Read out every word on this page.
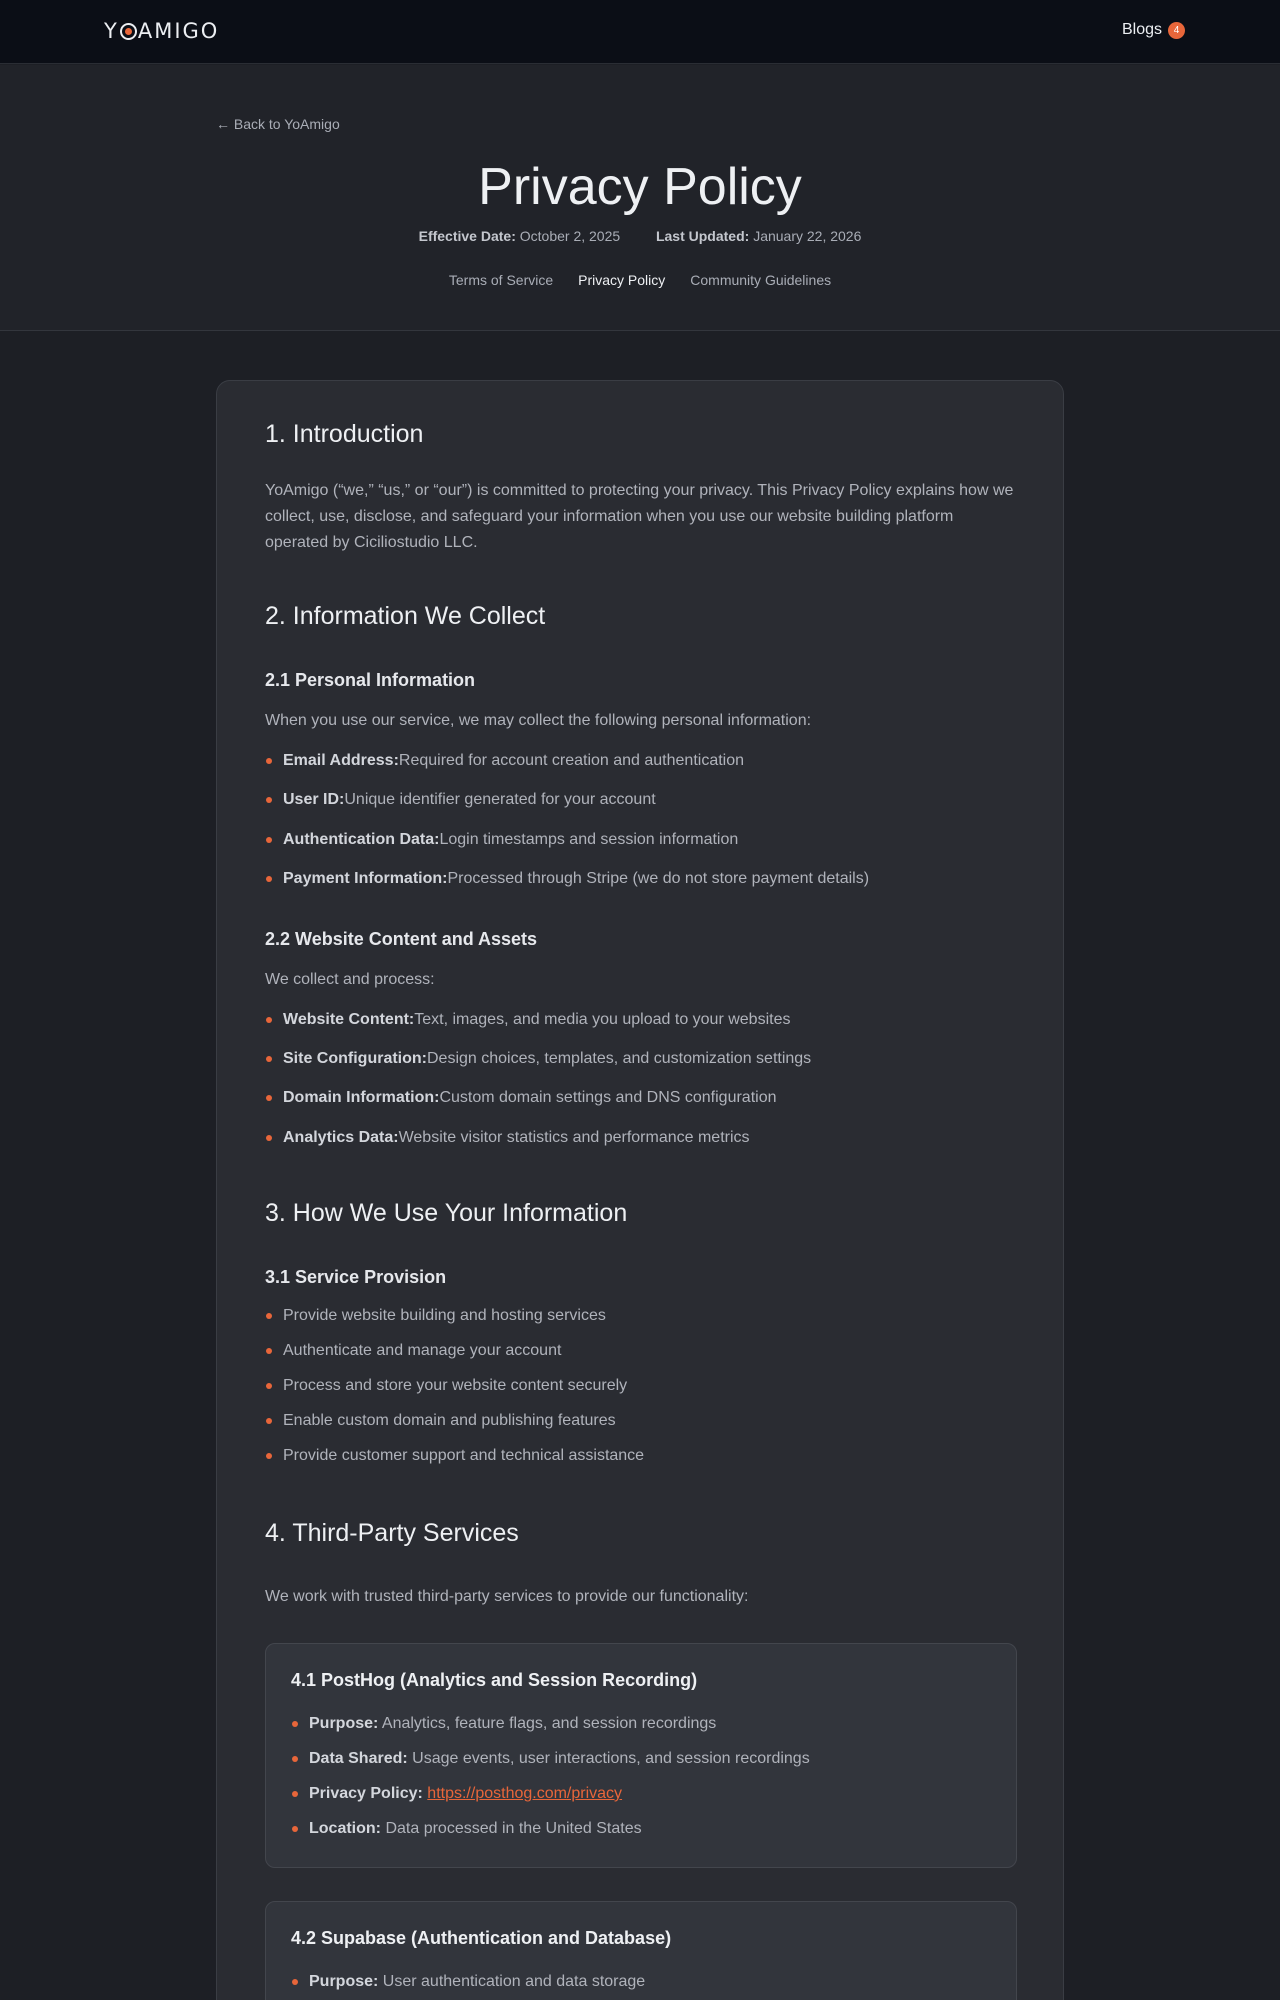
Y AMIGO	Blogs	4
← Back to YoAmigo
Privacy Policy
Effective Date: October 2, 2025	Last Updated: January 22, 2026
Terms of Service Privacy Policy Community Guidelines
1. Introduction

YoAmigo (“we,” “us,” or “our”) is committed to protecting your privacy. This Privacy Policy explains how we collect, use, disclose, and safeguard your information when you use our website building platform operated by Ciciliostudio LLC.

2. Information We Collect
2.1 Personal Information

When you use our service, we may collect the following personal information:

Email Address:Required for account creation and authentication
User ID:Unique identifier generated for your account
Authentication Data:Login timestamps and session information
Payment Information:Processed through Stripe (we do not store payment details)
2.2 Website Content and Assets

We collect and process:

Website Content:Text, images, and media you upload to your websites
Site Configuration:Design choices, templates, and customization settings
Domain Information:Custom domain settings and DNS configuration
Analytics Data:Website visitor statistics and performance metrics
3. How We Use Your Information
3.1 Service Provision
Provide website building and hosting services
Authenticate and manage your account
Process and store your website content securely
Enable custom domain and publishing features
Provide customer support and technical assistance
4. Third-Party Services

We work with trusted third-party services to provide our functionality:

4.1 PostHog (Analytics and Session Recording)
Purpose: Analytics, feature flags, and session recordings
Data Shared: Usage events, user interactions, and session recordings
Privacy Policy: https://posthog.com/privacy
Location: Data processed in the United States
4.2 Supabase (Authentication and Database)
Purpose: User authentication and data storage
